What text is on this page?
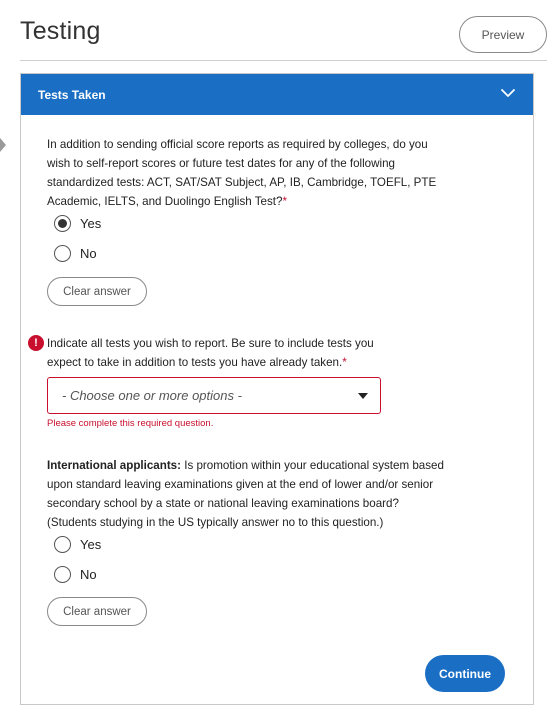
Testing	Preview
Tests Taken
In addition to sending official score reports as required by colleges, do you
wish to self-report scores or future test dates for any of the following
standardized tests: ACT, SAT/SAT Subject, AP, IB, Cambridge, TOEFL, PTE
Academic, IELTS, and Duolingo English Test?*
Yes
No
Clear answer
! Indicate all tests you wish to report. Be sure to include tests you
expect to take in addition to tests you have already taken.*
- Choose one or more options -
Please complete this required question.
International applicants: Is promotion within your educational system based
upon standard leaving examinations given at the end of lower and/or senior
secondary school by a state or national leaving examinations board?
(Students studying in the US typically answer no to this question.)
Yes
No
Clear answer
Continue
